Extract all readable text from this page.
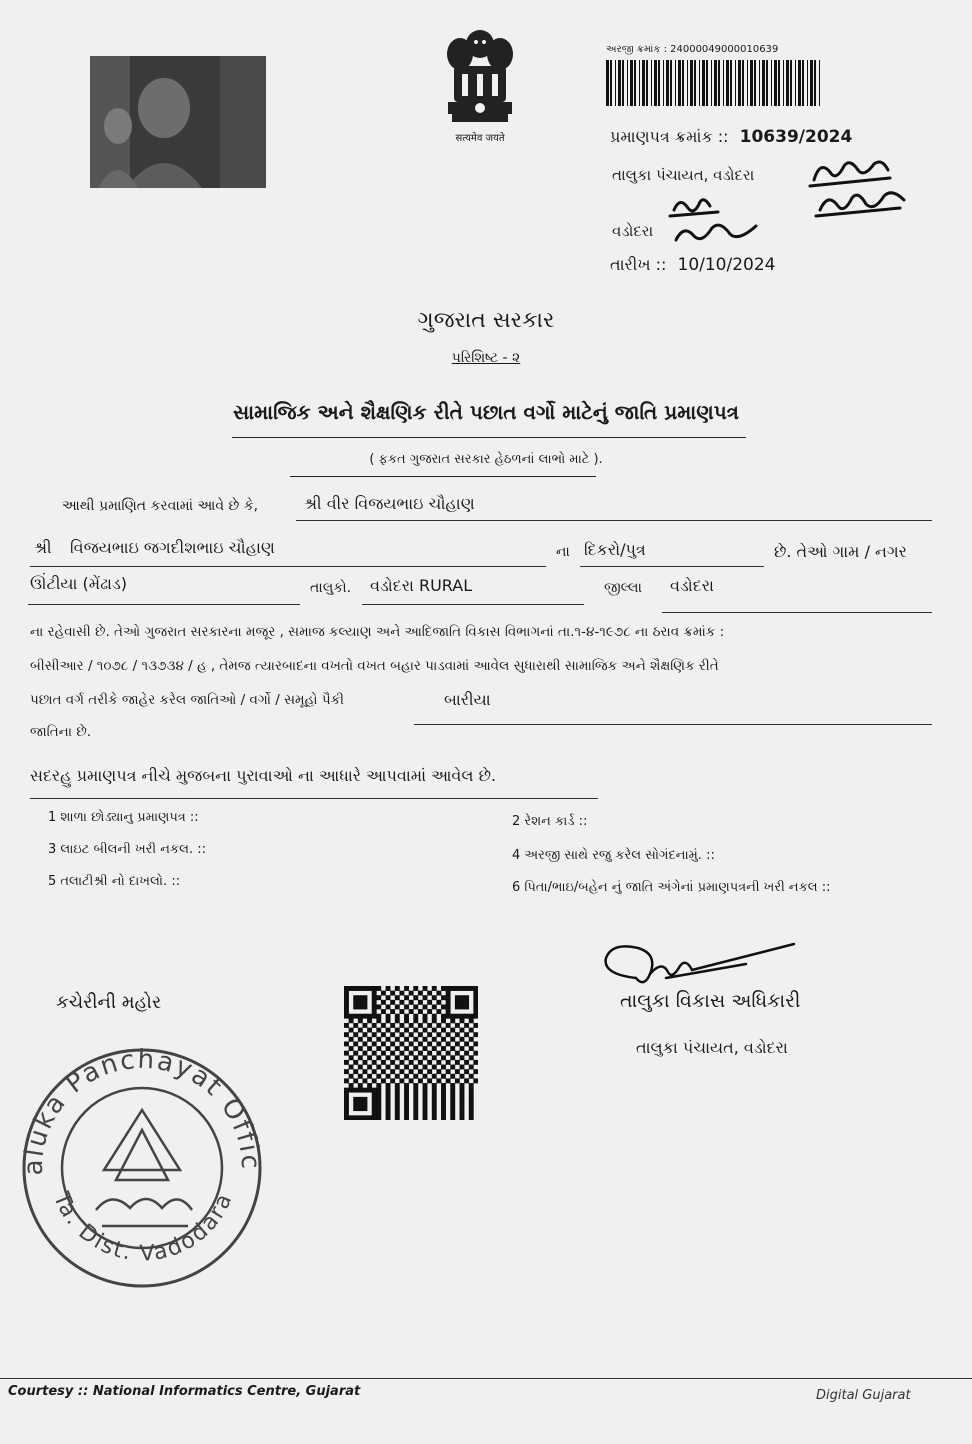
सत्यमेव जयते
અરજી ક્રમાંક : 24000049000010639
પ્રમાણપત્ર ક્રમાંક :: 10639/2024
તાલુકા પંચાયત, વડોદરા
વડોદરા
તારીખ :: 10/10/2024
ગુજરાત સરકાર
પરિશિષ્ટ - ૨
સામાજિક અને શૈક્ષણિક રીતે પછાત વર્ગો માટેનું જાતિ પ્રમાણપત્ર
( ફકત ગુજરાત સરકાર હેઠળનાં લાભો માટે ).
આથી પ્રમાણિત કરવામાં આવે છે કે,	શ્રી વીર વિજયભાઇ ચૌહાણ
શ્રી વિજયભાઇ જગદીશભાઇ ચૌહાણ	ના દિકરો/પુત્ર	છે. તેઓ ગામ / નગર
ઊંટીયા (મેંઢાડ)	તાલુકો. વડોદરા RURAL	જીલ્લા વડોદરા
ના રહેવાસી છે. તેઓ ગુજરાત સરકારના મજૂર , સમાજ કલ્યાણ અને આદિજાતિ વિકાસ વિભાગનાં તા.૧-૪-૧૯૭૮ ના ઠરાવ ક્રમાંક :
બીસીઆર / ૧૦૭૮ / ૧૩૭૩૪ / હ , તેમજ ત્યારબાદના વખતો વખત બહાર પાડવામાં આવેલ સુધારાથી સામાજિક અને શૈક્ષણિક રીતે
પછાત વર્ગ તરીકે જાહેર કરેલ જાતિઓ / વર્ગો / સમૂહો પૈકી	બારીયા
જાતિના છે.
સદરહુ પ્રમાણપત્ર નીચે મુજબના પુરાવાઓ ના આધારે આપવામાં આવેલ છે.
1 શાળા છોડ્યાનુ પ્રમાણપત્ર ::	2 રેશન કાર્ડ ::
3 લાઇટ બીલની ખરી નકલ. ::	4 અરજી સાથે રજુ કરેલ સોગંદનામું. ::
5 તલાટીશ્રી નો દાખલો. ::	6 પિતા/ભાઇ/બહેન નું જાતિ અંગેનાં પ્રમાણપત્રની ખરી નકલ ::
કચેરીની મહોર
aluka Panchayat Offic
Ta. Dist. Vadodara
તાલુકા વિકાસ અધિકારી
તાલુકા પંચાયત, વડોદરા
Courtesy :: National Informatics Centre, Gujarat	Digital Gujarat
